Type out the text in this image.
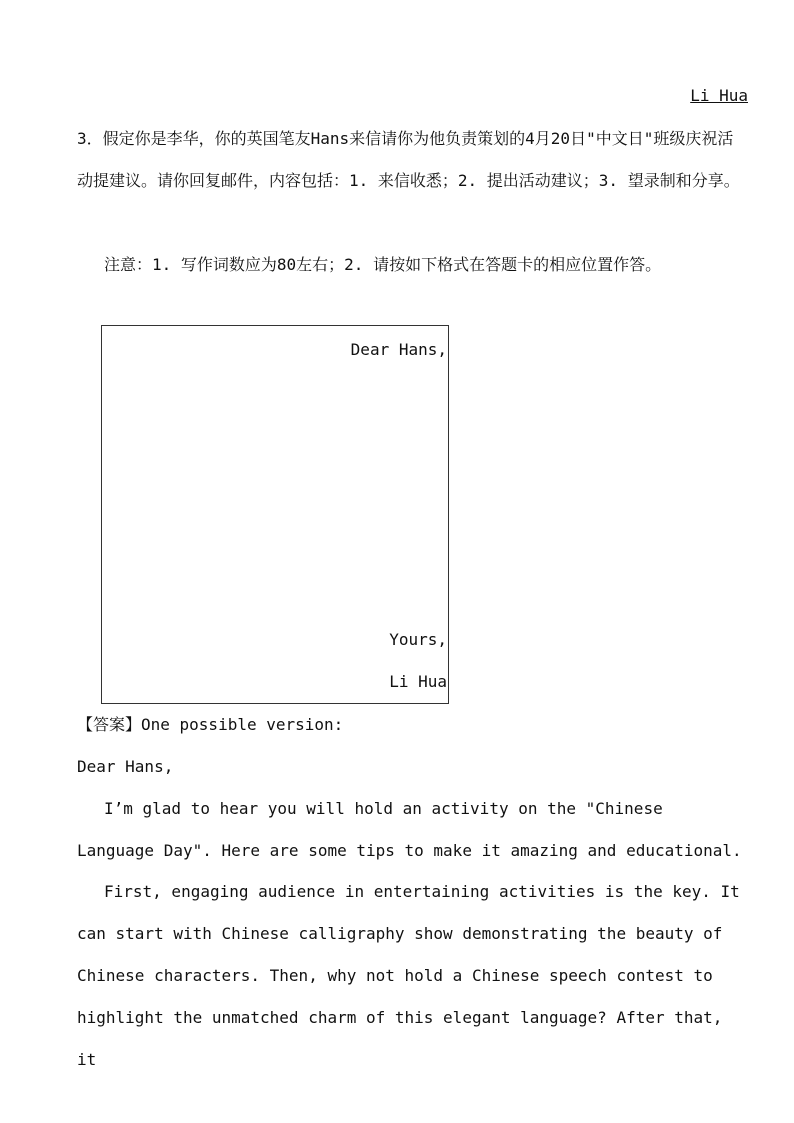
Li Hua

3．假定你是李华，你的英国笔友Hans来信请你为他负责策划的4月20日"中文日"班级庆祝活动提建议。请你回复邮件，内容包括：1. 来信收悉；2. 提出活动建议；3. 望录制和分享。

注意：1. 写作词数应为80左右；2. 请按如下格式在答题卡的相应位置作答。

Dear Hans,
Yours,
Li Hua

【答案】One possible version:

Dear Hans,

I’m glad to hear you will hold an activity on the "Chinese Language Day". Here are some tips to make it amazing and educational.

First, engaging audience in entertaining activities is the key. It can start with Chinese calligraphy show demonstrating the beauty of Chinese characters. Then, why not hold a Chinese speech contest to highlight the unmatched charm of this elegant language? After that, it
